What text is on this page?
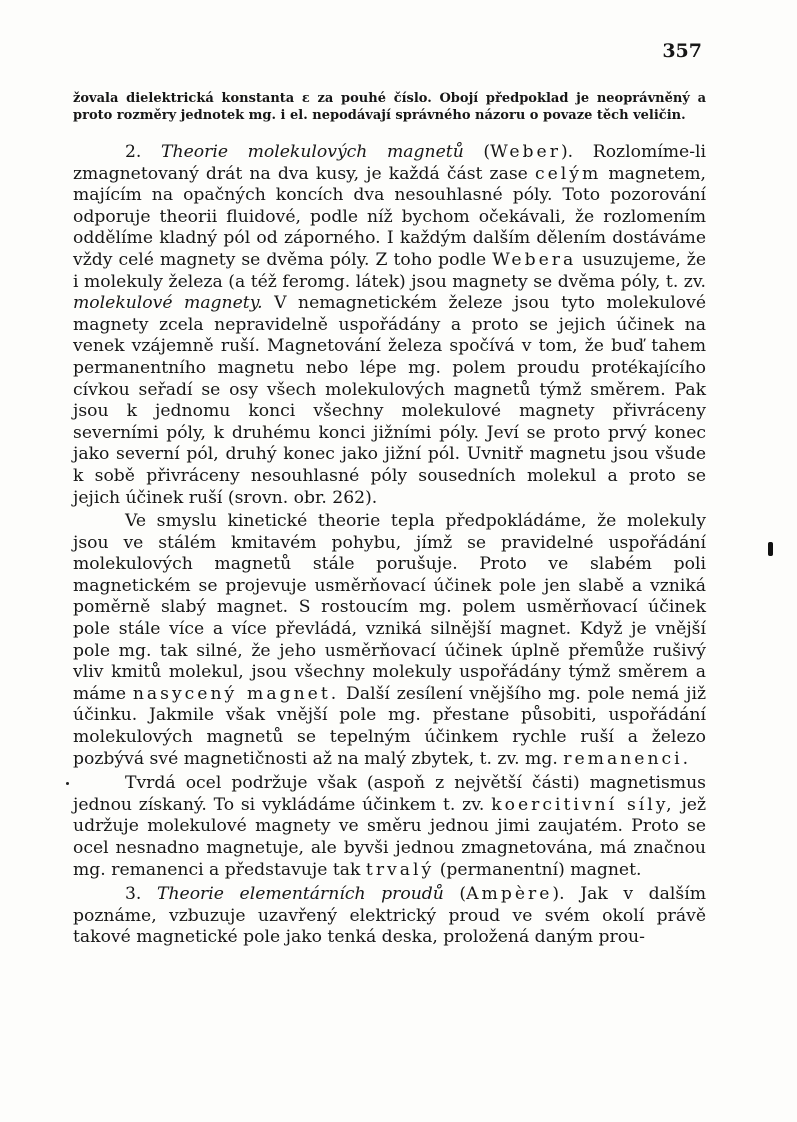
357

žovala dielektrická konstanta ε za pouhé číslo. Obojí předpoklad je neoprávněný a proto rozměry jednotek mg. i el. nepodávají správného názoru o povaze těch veličin.

2. Theorie molekulových magnetů (Weber). Rozlomíme-li zmagnetovaný drát na dva kusy, je každá část zase celým magnetem, majícím na opačných koncích dva nesouhlasné póly. Toto pozorování odporuje theorii fluidové, podle níž bychom očekávali, že rozlomením oddělíme kladný pól od záporného. I každým dalším dělením dostáváme vždy celé magnety se dvěma póly. Z toho podle Webera usuzujeme, že i molekuly železa (a též feromg. látek) jsou magnety se dvěma póly, t. zv. molekulové magnety. V nemagnetickém železe jsou tyto molekulové magnety zcela nepravidelně uspořádány a proto se jejich účinek na venek vzájemně ruší. Magnetování železa spočívá v tom, že buď tahem permanentního magnetu nebo lépe mg. polem proudu protékajícího cívkou seřadí se osy všech molekulových magnetů týmž směrem. Pak jsou k jednomu konci všechny molekulové magnety přivráceny severními póly, k druhému konci jižními póly. Jeví se proto prvý konec jako severní pól, druhý konec jako jižní pól. Uvnitř magnetu jsou všude k sobě přivráceny nesouhlasné póly sousedních molekul a proto se jejich účinek ruší (srovn. obr. 262).

Ve smyslu kinetické theorie tepla předpokládáme, že molekuly jsou ve stálém kmitavém pohybu, jímž se pravidelné uspořádání molekulových magnetů stále porušuje. Proto ve slabém poli magnetickém se projevuje usměrňovací účinek pole jen slabě a vzniká poměrně slabý magnet. S rostoucím mg. polem usměrňovací účinek pole stále více a více převládá, vzniká silnější magnet. Když je vnější pole mg. tak silné, že jeho usměrňovací účinek úplně přemůže rušivý vliv kmitů molekul, jsou všechny molekuly uspořádány týmž směrem a máme nasycený magnet. Další zesílení vnějšího mg. pole nemá již účinku. Jakmile však vnější pole mg. přestane působiti, uspořádání molekulových magnetů se tepelným účinkem rychle ruší a železo pozbývá své magnetičnosti až na malý zbytek, t. zv. mg. remanenci.

Tvrdá ocel podržuje však (aspoň z největší části) magnetismus jednou získaný. To si vykládáme účinkem t. zv. koercitivní síly, jež udržuje molekulové magnety ve směru jednou jimi zaujatém. Proto se ocel nesnadno magnetuje, ale byvši jednou zmagnetována, má značnou mg. remanenci a představuje tak trvalý (permanentní) magnet.

3. Theorie elementárních proudů (Ampère). Jak v dalším poznáme, vzbuzuje uzavřený elektrický proud ve svém okolí právě takové magnetické pole jako tenká deska, proložená daným prou-
